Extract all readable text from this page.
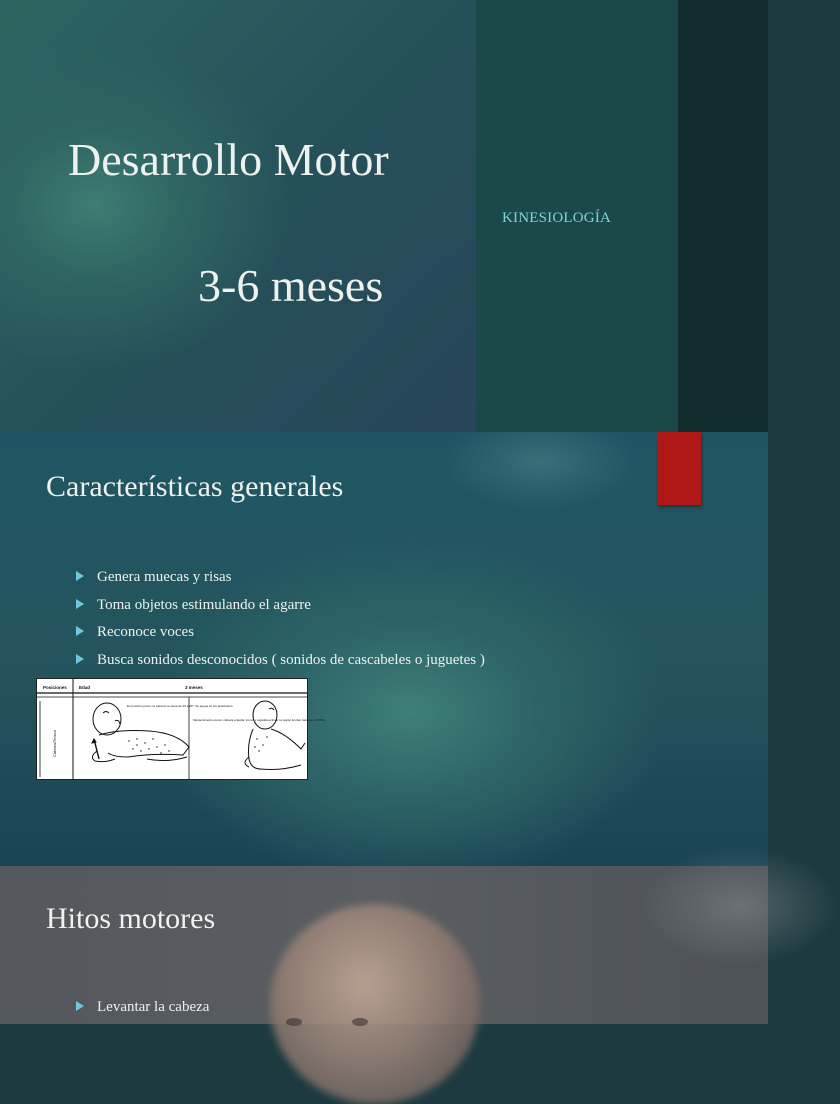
Desarrollo Motor
3-6 meses
KINESIOLOGÍA
Características generales
Genera muecas y risas
Toma objetos estimulando el agarre
Reconoce voces
Busca sonidos desconocidos ( sonidos de cascabeles o juguetes )
Posiciones	Edad	3 meses
Cabeza/Tronco
En posición prono: la cabeza se eleva de 45 a 90°. Se apoya en los antebrazos.
Mantenimiento erecto: cabeza erguida; tronco y espalda activos; la región lumbar todavía no (DSC).
Hitos motores
Levantar la cabeza
